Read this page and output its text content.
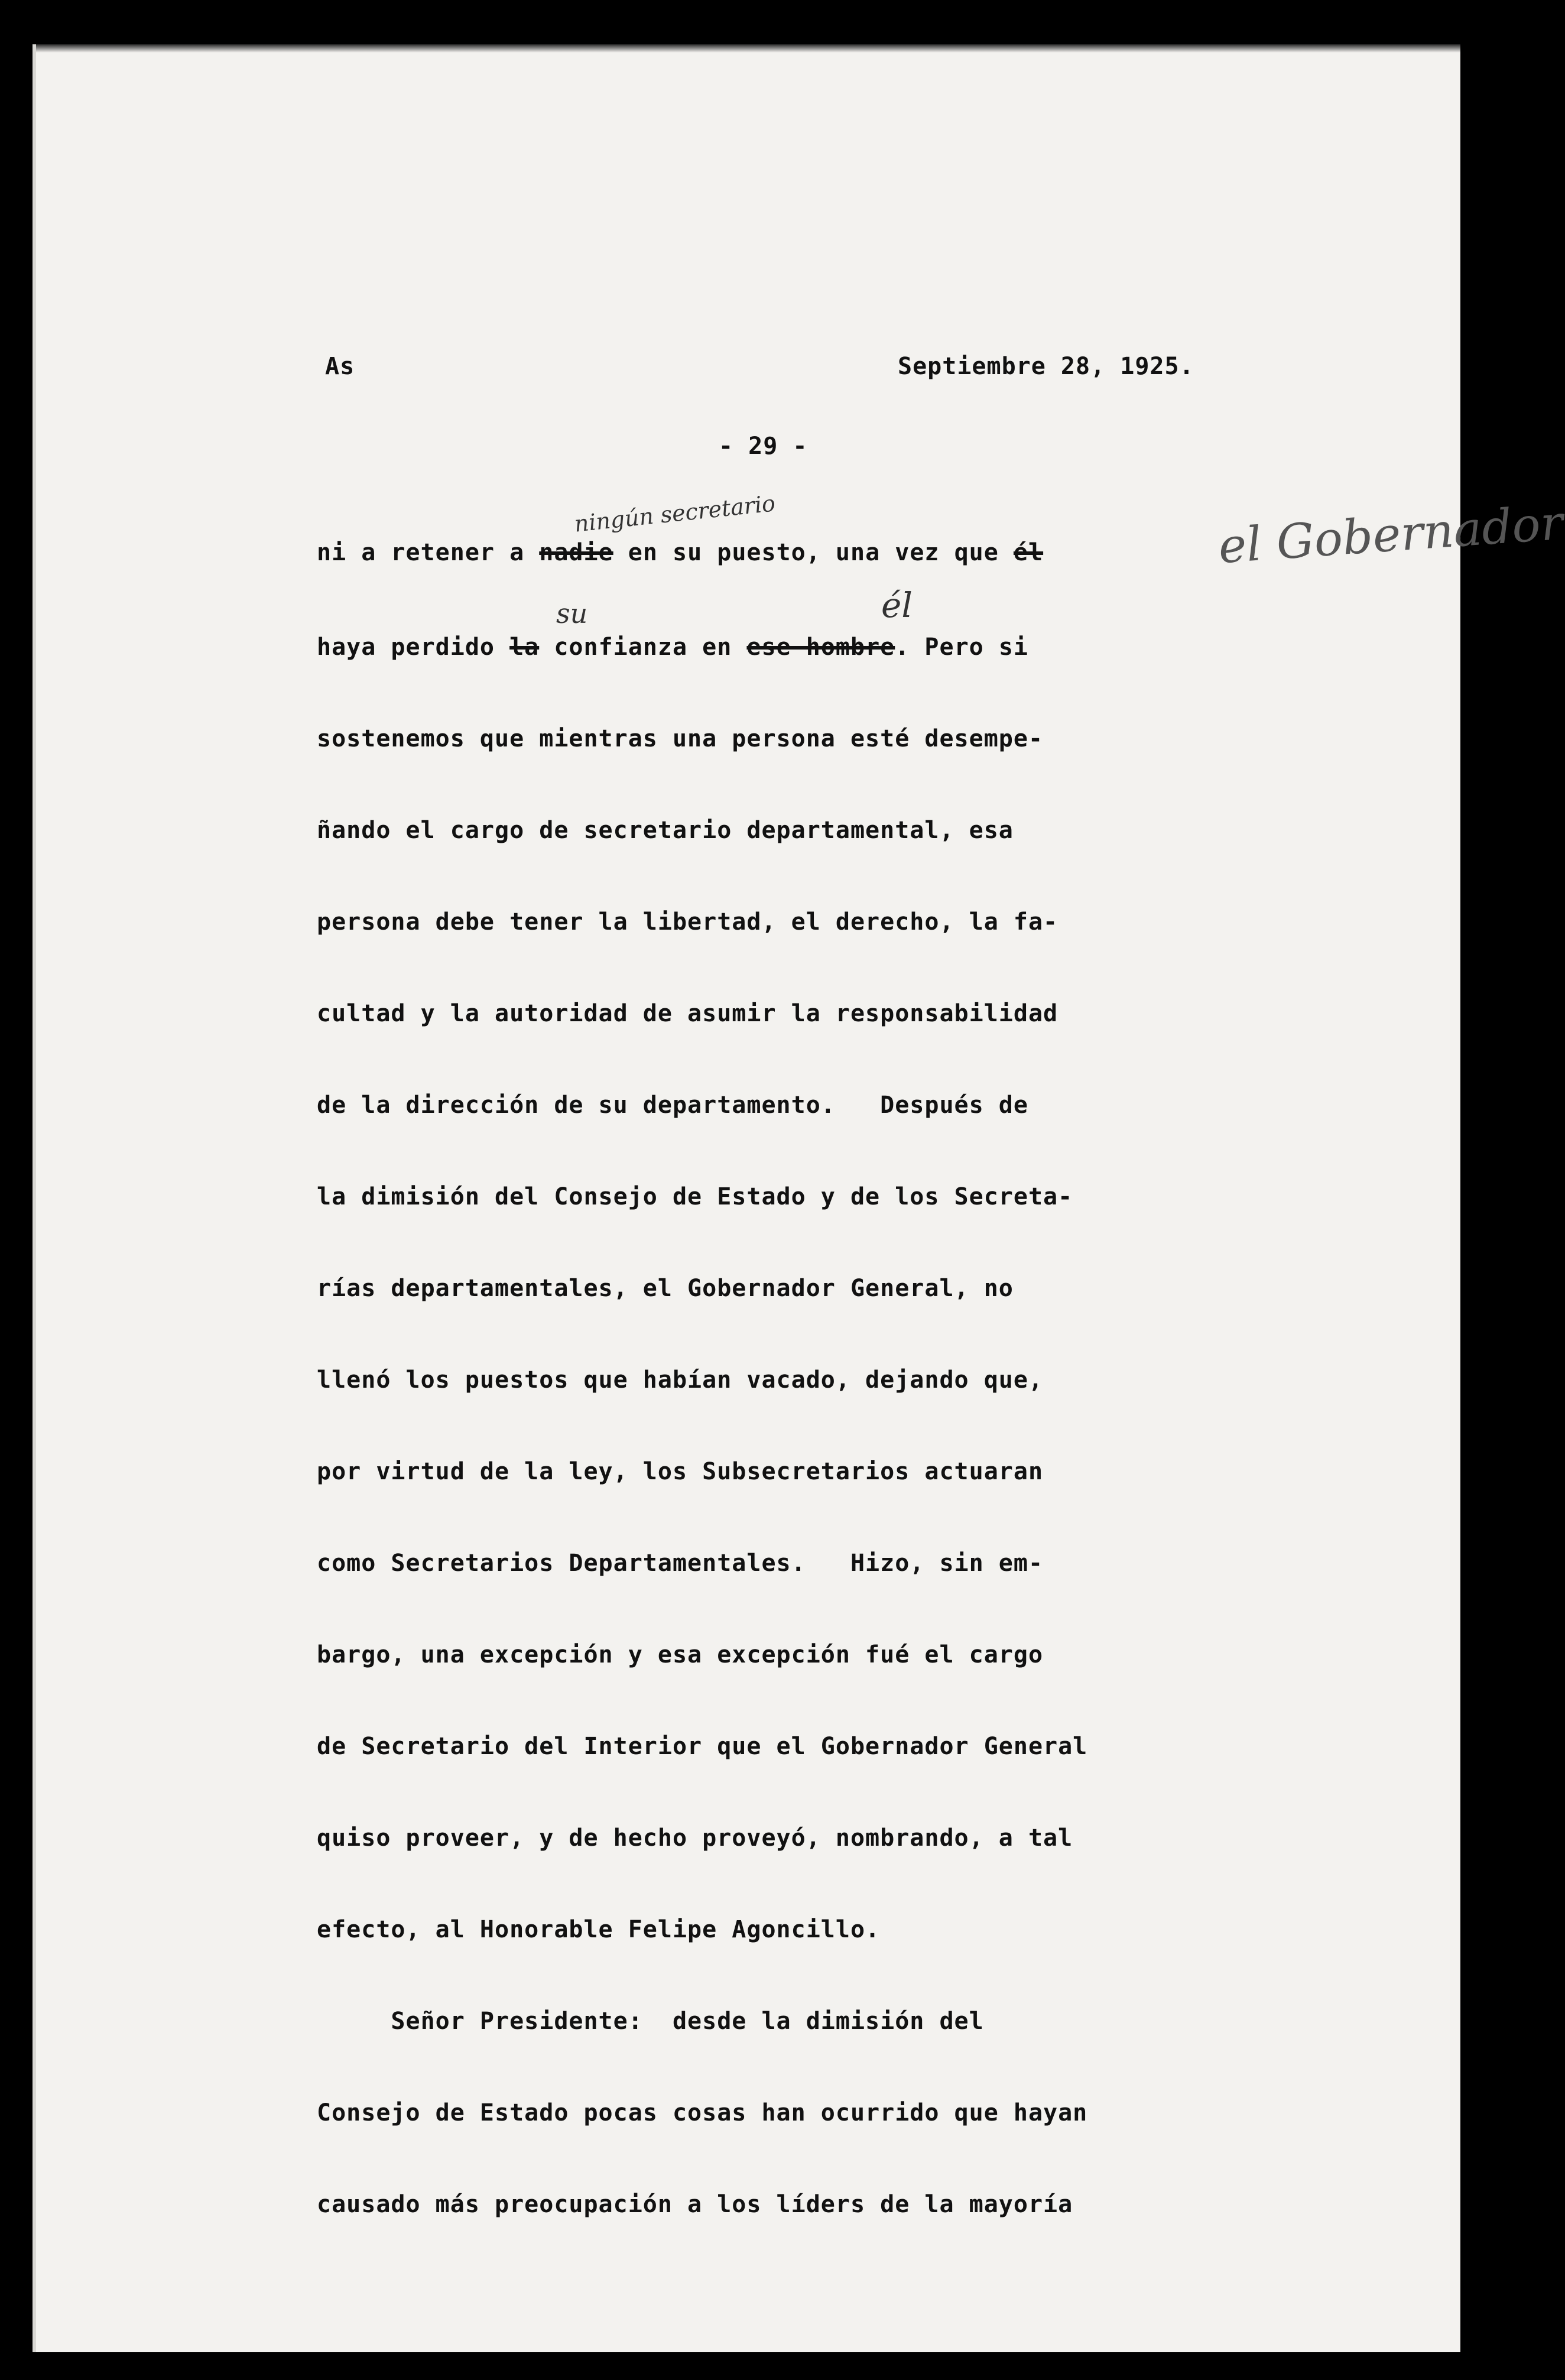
As	Septiembre 28, 1925.
- 29 -
ningún secretario	el Gobernador
ni a retener a nadie en su puesto, una vez que él
su	él
haya perdido la confianza en ese hombre. Pero si
sostenemos que mientras una persona esté desempe-
ñando el cargo de secretario departamental, esa
persona debe tener la libertad, el derecho, la fa-
cultad y la autoridad de asumir la responsabilidad
de la dirección de su departamento.   Después de
la dimisión del Consejo de Estado y de los Secreta-
rías departamentales, el Gobernador General, no
llenó los puestos que habían vacado, dejando que,
por virtud de la ley, los Subsecretarios actuaran
como Secretarios Departamentales.   Hizo, sin em-
bargo, una excepción y esa excepción fué el cargo
de Secretario del Interior que el Gobernador General
quiso proveer, y de hecho proveyó, nombrando, a tal
efecto, al Honorable Felipe Agoncillo.
Señor Presidente:  desde la dimisión del
Consejo de Estado pocas cosas han ocurrido que hayan
causado más preocupación a los líders de la mayoría
